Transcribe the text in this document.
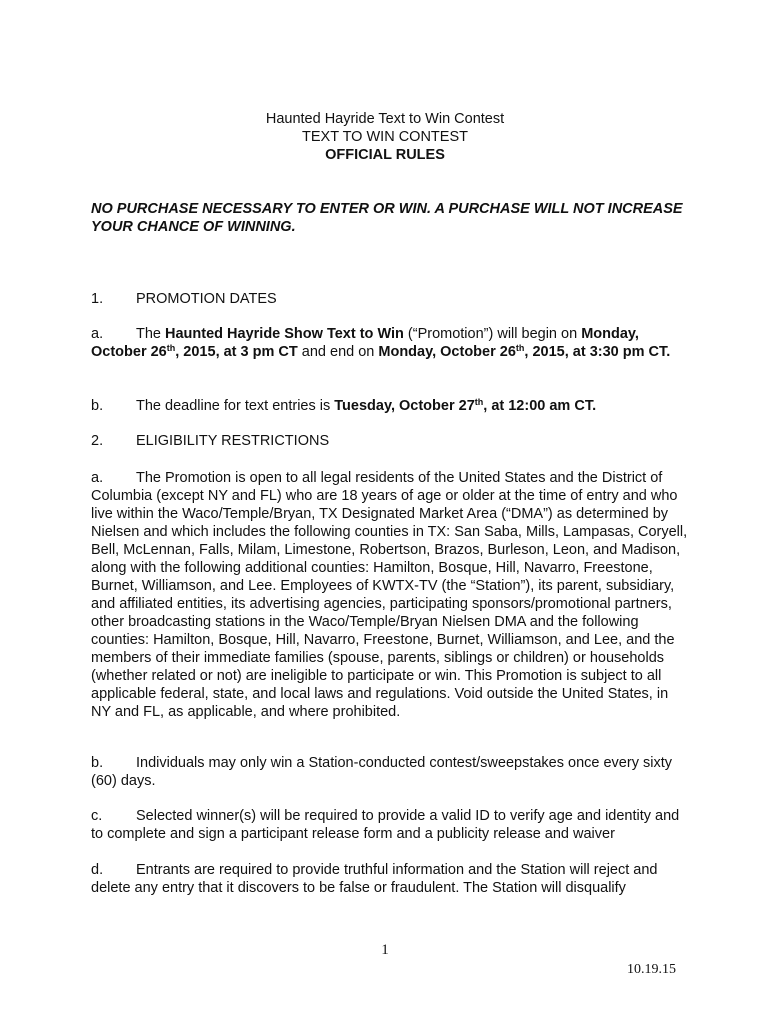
Haunted Hayride Text to Win Contest
TEXT TO WIN CONTEST
OFFICIAL RULES
NO PURCHASE NECESSARY TO ENTER OR WIN. A PURCHASE WILL NOT INCREASE YOUR CHANCE OF WINNING.

1. PROMOTION DATES

a. The Haunted Hayride Show Text to Win (“Promotion”) will begin on Monday, October 26th, 2015, at 3 pm CT and end on Monday, October 26th, 2015, at 3:30 pm CT.

b. The deadline for text entries is Tuesday, October 27th, at 12:00 am CT.

2. ELIGIBILITY RESTRICTIONS

a. The Promotion is open to all legal residents of the United States and the District of Columbia (except NY and FL) who are 18 years of age or older at the time of entry and who live within the Waco/Temple/Bryan, TX Designated Market Area (“DMA”) as determined by Nielsen and which includes the following counties in TX: San Saba, Mills, Lampasas, Coryell, Bell, McLennan, Falls, Milam, Limestone, Robertson, Brazos, Burleson, Leon, and Madison, along with the following additional counties: Hamilton, Bosque, Hill, Navarro, Freestone, Burnet, Williamson, and Lee. Employees of KWTX-TV (the “Station”), its parent, subsidiary, and affiliated entities, its advertising agencies, participating sponsors/promotional partners, other broadcasting stations in the Waco/Temple/Bryan Nielsen DMA and the following counties: Hamilton, Bosque, Hill, Navarro, Freestone, Burnet, Williamson, and Lee, and the members of their immediate families (spouse, parents, siblings or children) or households (whether related or not) are ineligible to participate or win. This Promotion is subject to all applicable federal, state, and local laws and regulations. Void outside the United States, in NY and FL, as applicable, and where prohibited.

b. Individuals may only win a Station-conducted contest/sweepstakes once every sixty (60) days.

c. Selected winner(s) will be required to provide a valid ID to verify age and identity and to complete and sign a participant release form and a publicity release and waiver

d. Entrants are required to provide truthful information and the Station will reject and delete any entry that it discovers to be false or fraudulent. The Station will disqualify

1
10.19.15
